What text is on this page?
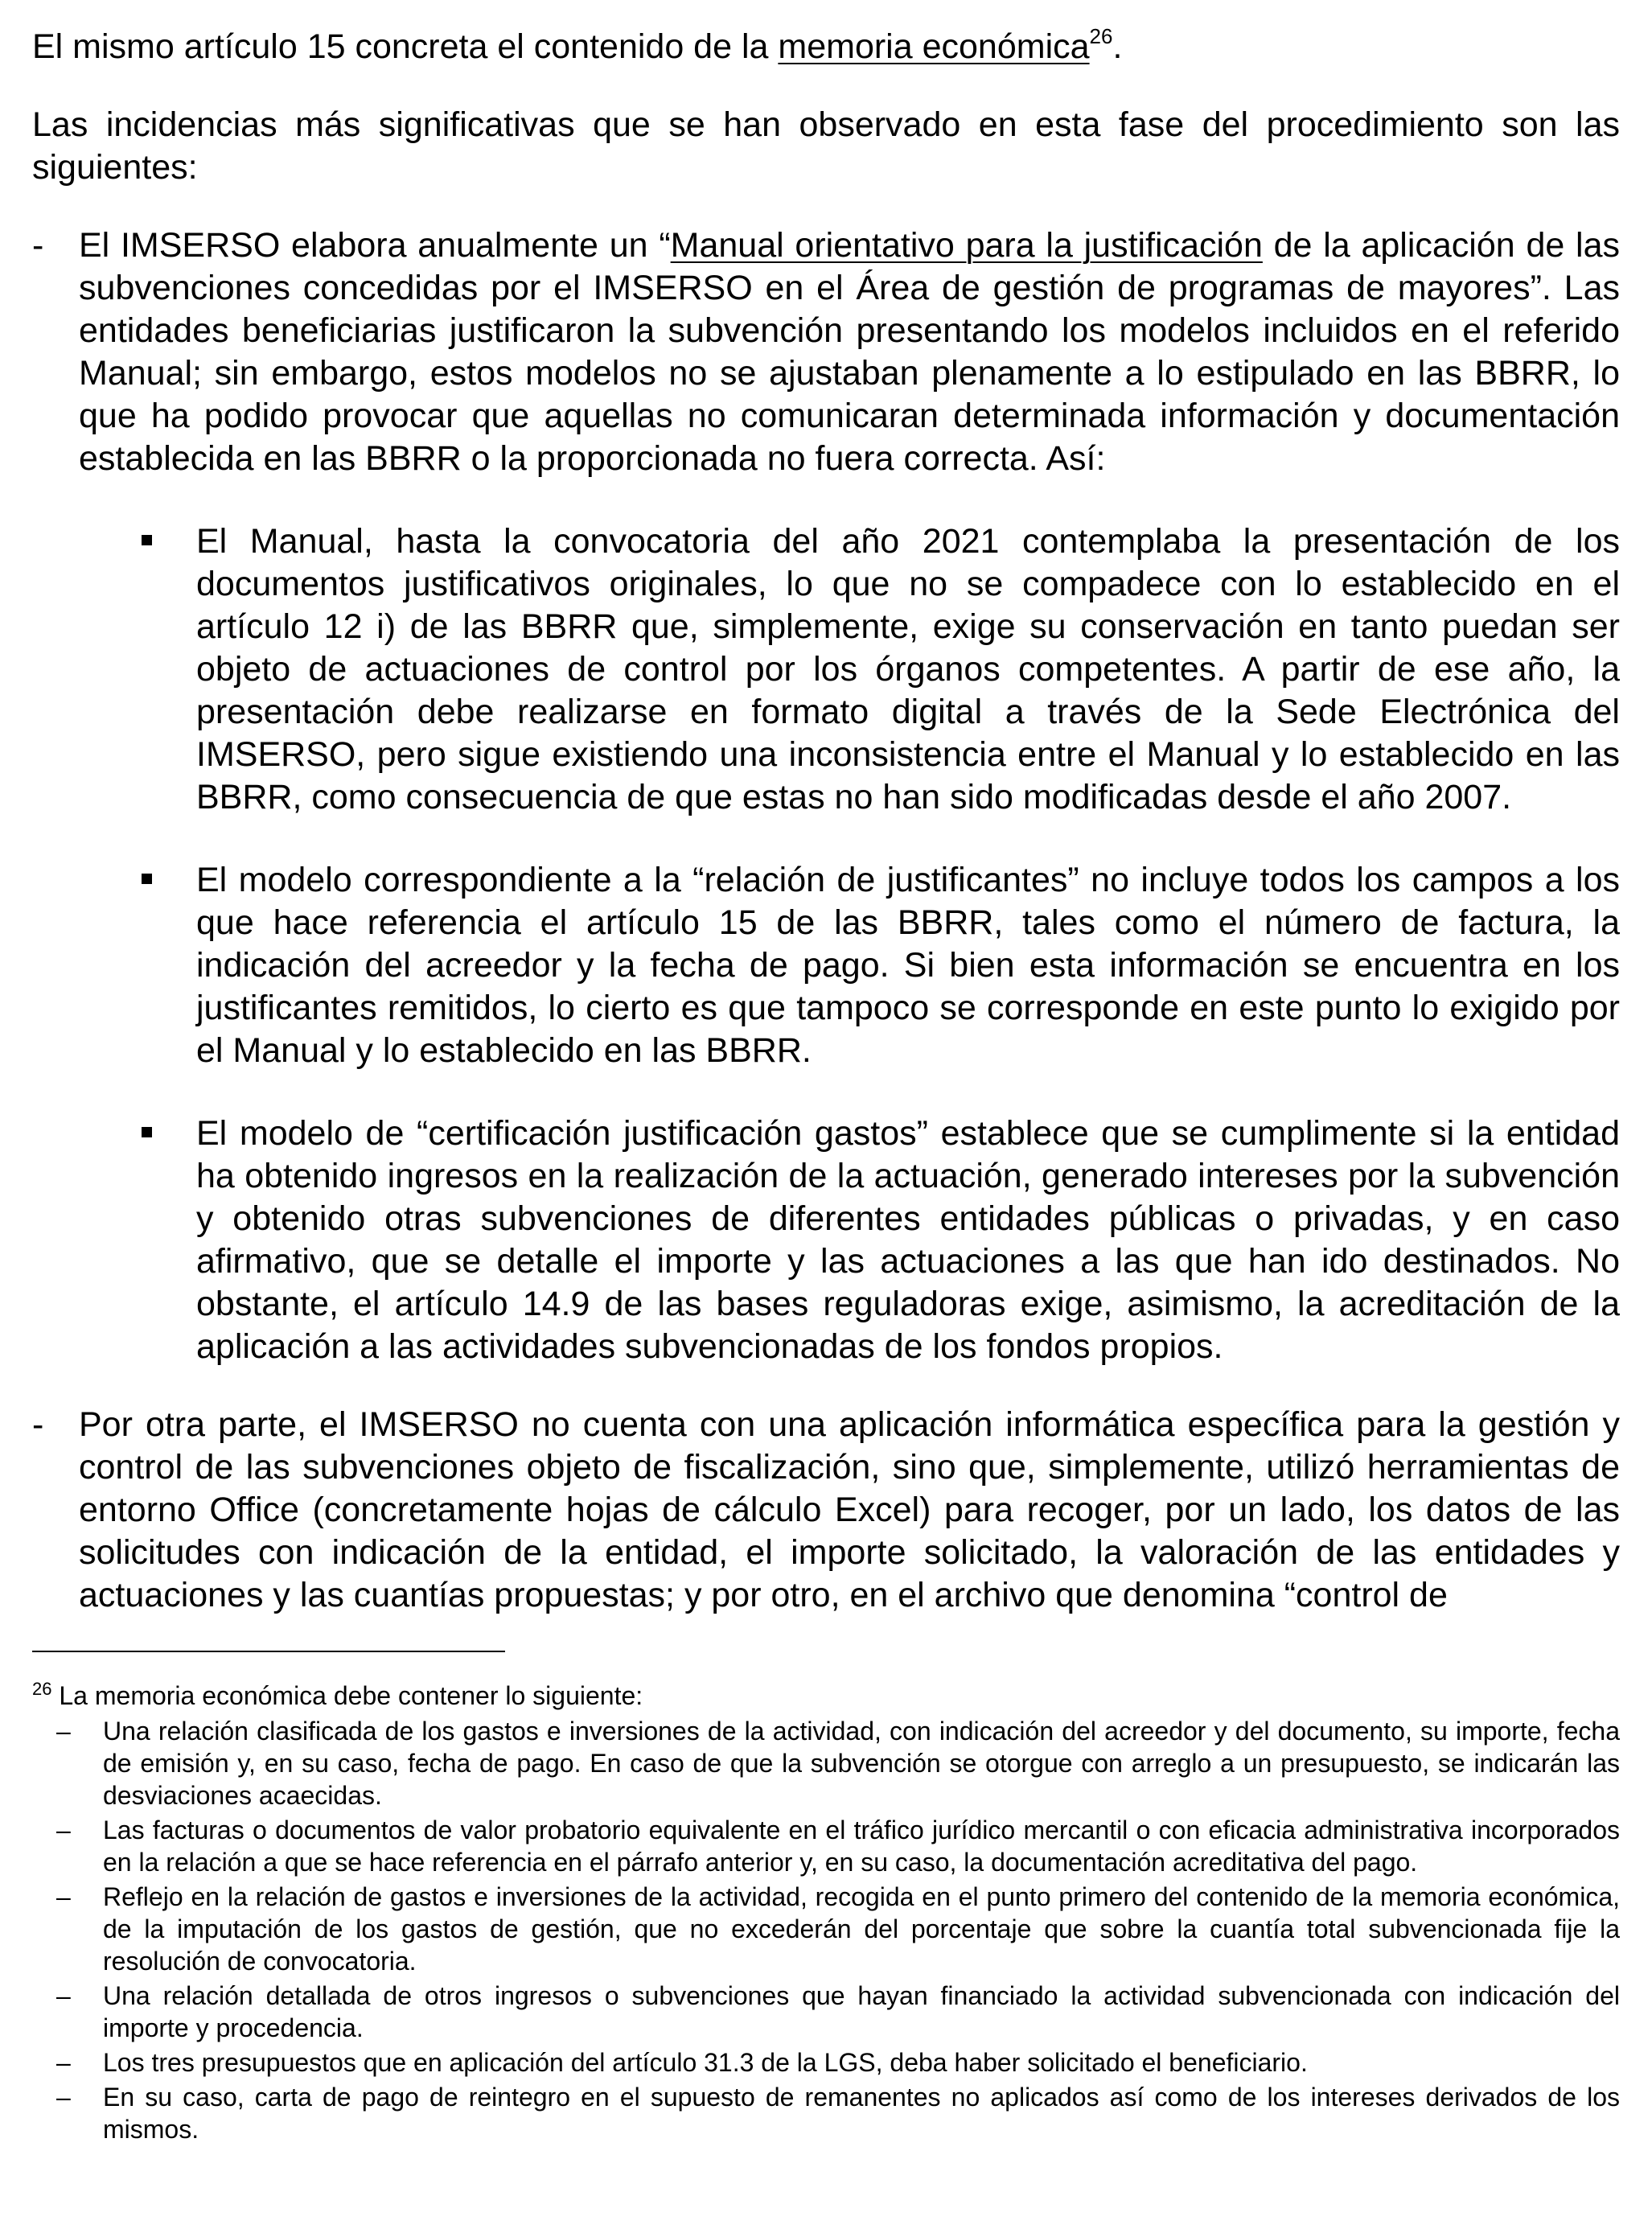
El mismo artículo 15 concreta el contenido de la memoria económica$^{26}$.

Las incidencias más significativas que se han observado en esta fase del procedimiento son las siguientes:

- El IMSERSO elabora anualmente un “Manual orientativo para la justificación de la aplicación de las subvenciones concedidas por el IMSERSO en el Área de gestión de programas de mayores”. Las entidades beneficiarias justificaron la subvención presentando los modelos incluidos en el referido Manual; sin embargo, estos modelos no se ajustaban plenamente a lo estipulado en las BBRR, lo que ha podido provocar que aquellas no comunicaran determinada información y documentación establecida en las BBRR o la proporcionada no fuera correcta. Así:

El Manual, hasta la convocatoria del año 2021 contemplaba la presentación de los documentos justificativos originales, lo que no se compadece con lo establecido en el artículo 12 i) de las BBRR que, simplemente, exige su conservación en tanto puedan ser objeto de actuaciones de control por los órganos competentes. A partir de ese año, la presentación debe realizarse en formato digital a través de la Sede Electrónica del IMSERSO, pero sigue existiendo una inconsistencia entre el Manual y lo establecido en las BBRR, como consecuencia de que estas no han sido modificadas desde el año 2007.
El modelo correspondiente a la “relación de justificantes” no incluye todos los campos a los que hace referencia el artículo 15 de las BBRR, tales como el número de factura, la indicación del acreedor y la fecha de pago. Si bien esta información se encuentra en los justificantes remitidos, lo cierto es que tampoco se corresponde en este punto lo exigido por el Manual y lo establecido en las BBRR.
El modelo de “certificación justificación gastos” establece que se cumplimente si la entidad ha obtenido ingresos en la realización de la actuación, generado intereses por la subvención y obtenido otras subvenciones de diferentes entidades públicas o privadas, y en caso afirmativo, que se detalle el importe y las actuaciones a las que han ido destinados. No obstante, el artículo 14.9 de las bases reguladoras exige, asimismo, la acreditación de la aplicación a las actividades subvencionadas de los fondos propios.
- Por otra parte, el IMSERSO no cuenta con una aplicación informática específica para la gestión y control de las subvenciones objeto de fiscalización, sino que, simplemente, utilizó herramientas de entorno Office (concretamente hojas de cálculo Excel) para recoger, por un lado, los datos de las solicitudes con indicación de la entidad, el importe solicitado, la valoración de las entidades y actuaciones y las cuantías propuestas; y por otro, en el archivo que denomina “control de

$^{26}$ La memoria económica debe contener lo siguiente:

– Una relación clasificada de los gastos e inversiones de la actividad, con indicación del acreedor y del documento, su importe, fecha de emisión y, en su caso, fecha de pago. En caso de que la subvención se otorgue con arreglo a un presupuesto, se indicarán las desviaciones acaecidas.
– Las facturas o documentos de valor probatorio equivalente en el tráfico jurídico mercantil o con eficacia administrativa incorporados en la relación a que se hace referencia en el párrafo anterior y, en su caso, la documentación acreditativa del pago.
– Reflejo en la relación de gastos e inversiones de la actividad, recogida en el punto primero del contenido de la memoria económica, de la imputación de los gastos de gestión, que no excederán del porcentaje que sobre la cuantía total subvencionada fije la resolución de convocatoria.
– Una relación detallada de otros ingresos o subvenciones que hayan financiado la actividad subvencionada con indicación del importe y procedencia.
– Los tres presupuestos que en aplicación del artículo 31.3 de la LGS, deba haber solicitado el beneficiario.
– En su caso, carta de pago de reintegro en el supuesto de remanentes no aplicados así como de los intereses derivados de los mismos.
